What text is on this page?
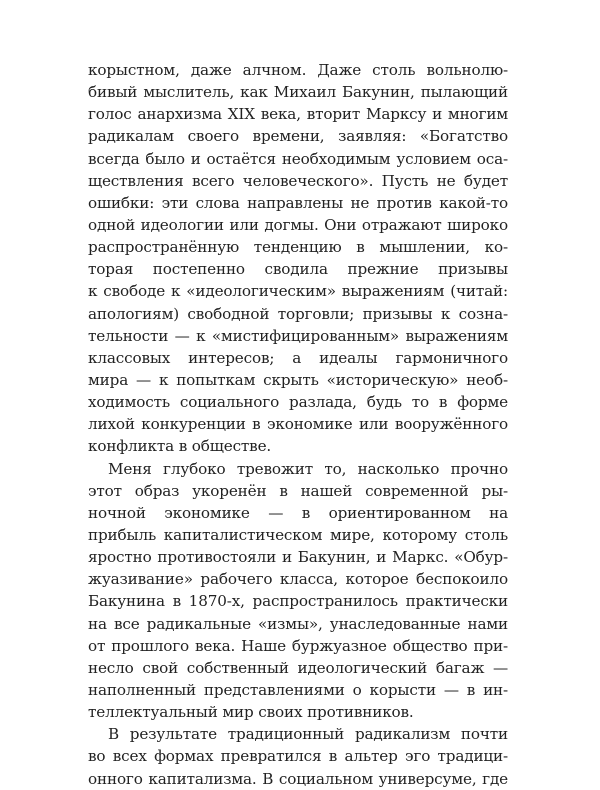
корыстном, даже алчном. Даже столь вольнолю-
бивый мыслитель, как Михаил Бакунин, пылающий
голос анархизма XIX века, вторит Марксу и многим
радикалам своего времени, заявляя: «Богатство
всегда было и остаётся необходимым условием оса-
ществления всего человеческого». Пусть не будет
ошибки: эти слова направлены не против какой-то
одной идеологии или догмы. Они отражают широко
распространённую тенденцию в мышлении, ко-
торая постепенно сводила прежние призывы
к свободе к «идеологическим» выражениям (читай:
апологиям) свободной торговли; призывы к созна-
тельности — к «мистифицированным» выражениям
классовых интересов; а идеалы гармоничного
мира — к попыткам скрыть «историческую» необ-
ходимость социального разлада, будь то в форме
лихой конкуренции в экономике или вооружённого
конфликта в обществе.
Меня глубоко тревожит то, насколько прочно
этот образ укоренён в нашей современной ры-
ночной экономике — в ориентированном на
прибыль капиталистическом мире, которому столь
яростно противостояли и Бакунин, и Маркс. «Обур-
жуазивание» рабочего класса, которое беспокоило
Бакунина в 1870-х, распространилось практически
на все радикальные «измы», унаследованные нами
от прошлого века. Наше буржуазное общество при-
несло свой собственный идеологический багаж —
наполненный представлениями о корысти — в ин-
теллектуальный мир своих противников.
В результате традиционный радикализм почти
во всех формах превратился в альтер эго традици-
онного капитализма. В социальном универсуме, где
